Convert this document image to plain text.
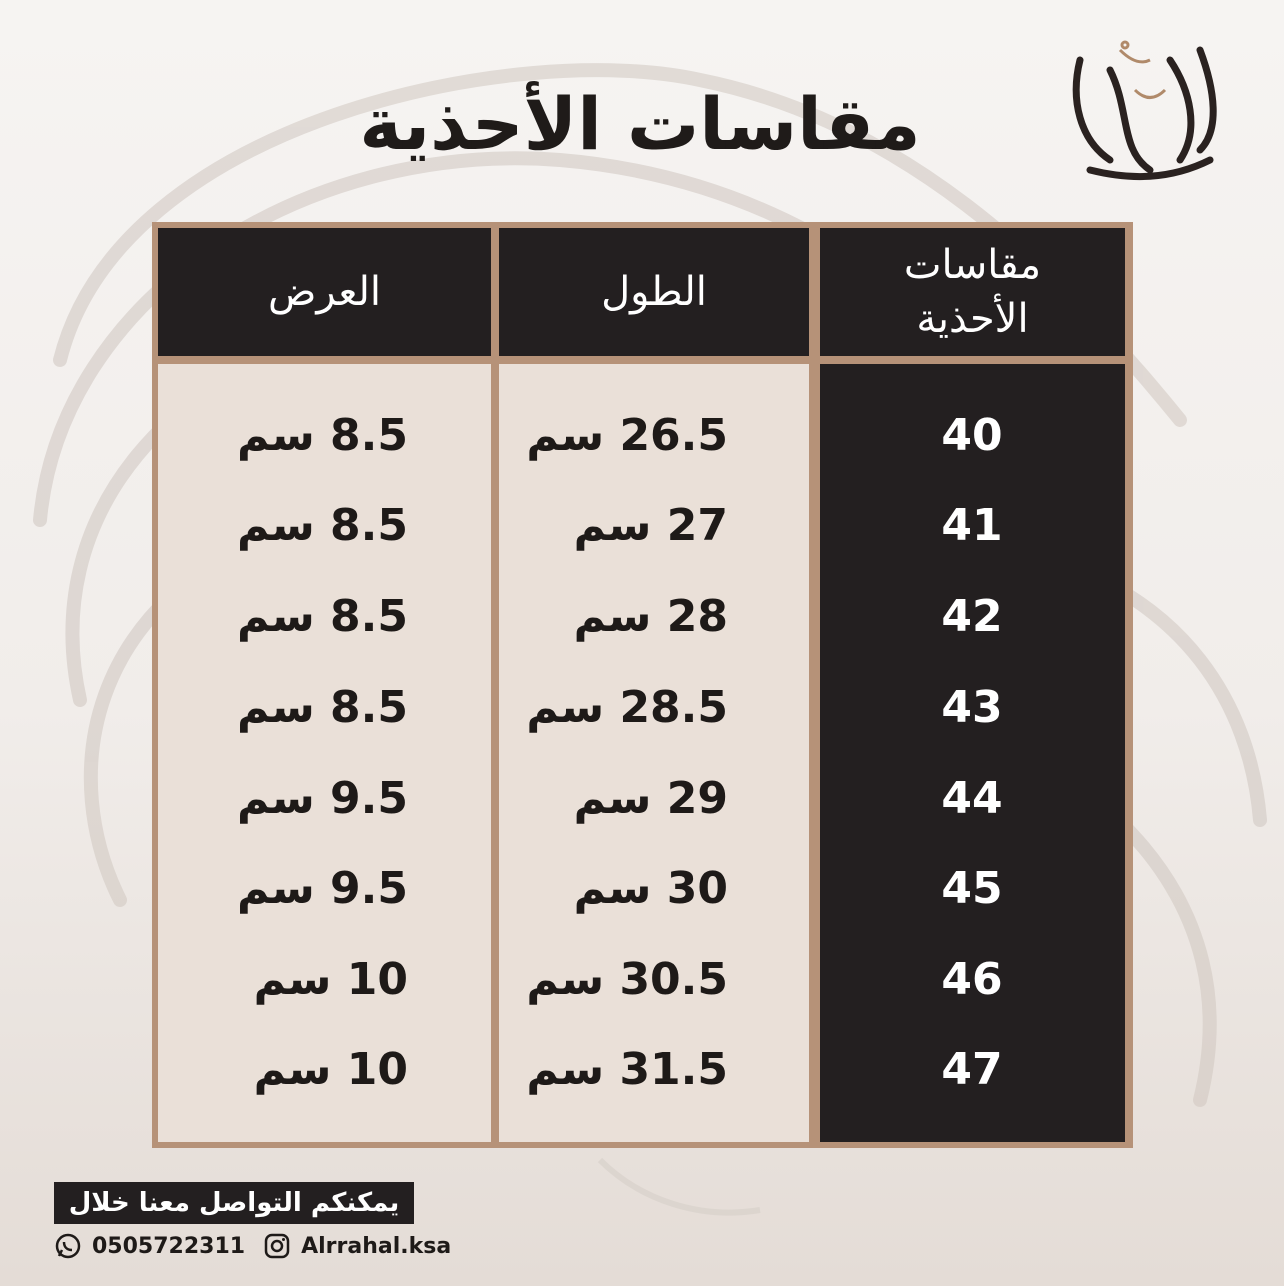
مقاسات الأحذية
العرض	الطول
مقاسات الأحذية
40
26.5 سم
8.5 سم
41
27 سم
8.5 سم
42
28 سم
8.5 سم
43
28.5 سم
8.5 سم
44
29 سم
9.5 سم
45
30 سم
9.5 سم
46
30.5 سم
10 سم
47
31.5 سم
10 سم
يمكنكم التواصل معنا خلال
0505722311	Alrrahal.ksa
